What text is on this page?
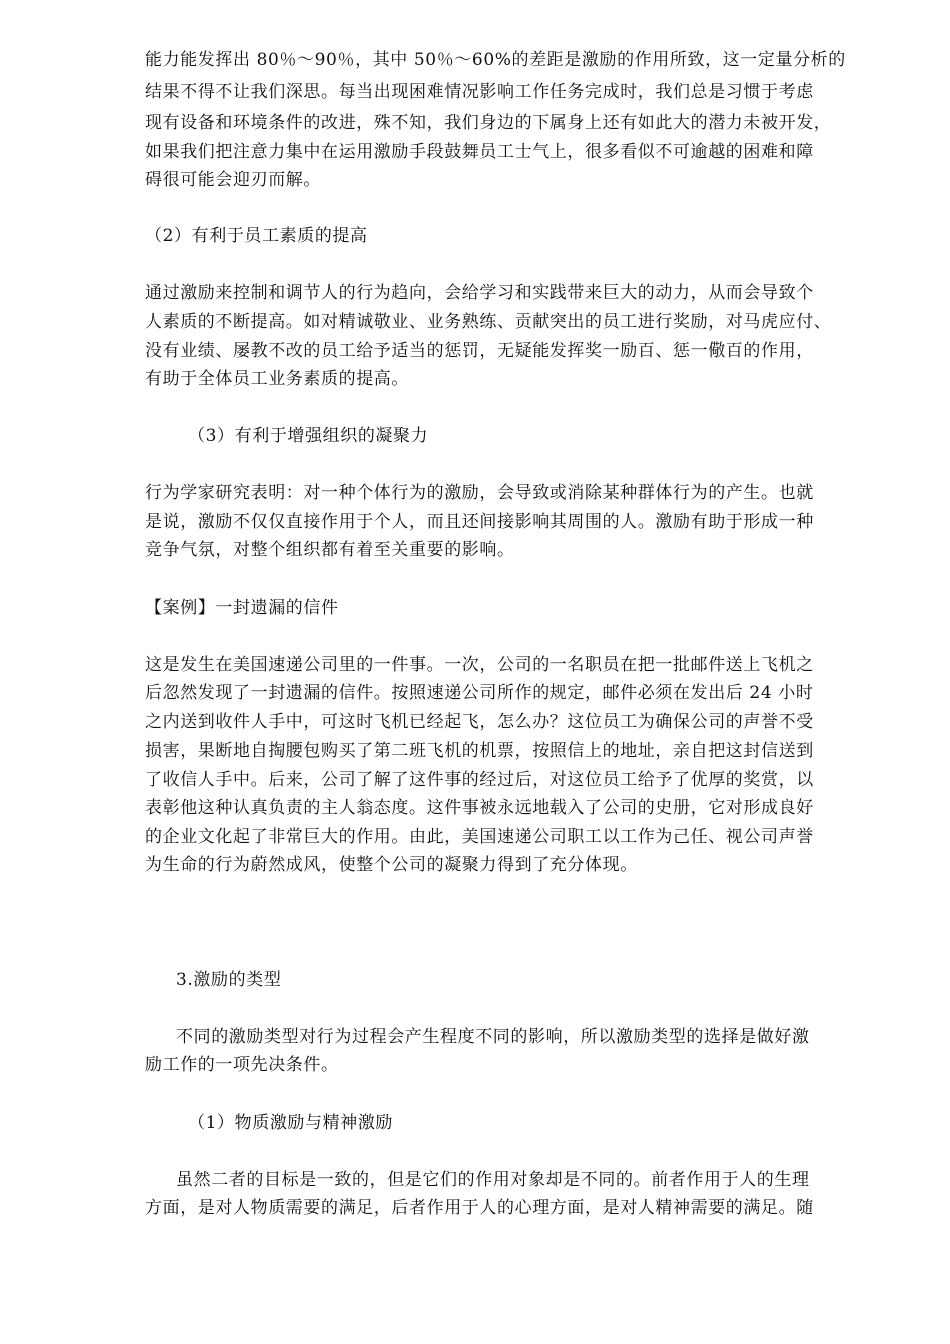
能力能发挥出 80％～90％，其中 50％～60%的差距是激励的作用所致，这一定量分析的

结果不得不让我们深思。每当出现困难情况影响工作任务完成时，我们总是习惯于考虑

现有设备和环境条件的改进，殊不知，我们身边的下属身上还有如此大的潜力未被开发，

如果我们把注意力集中在运用激励手段鼓舞员工士气上，很多看似不可逾越的困难和障

碍很可能会迎刃而解。

（2）有利于员工素质的提高

通过激励来控制和调节人的行为趋向，会给学习和实践带来巨大的动力，从而会导致个

人素质的不断提高。如对精诚敬业、业务熟练、贡献突出的员工进行奖励，对马虎应付、

没有业绩、屡教不改的员工给予适当的惩罚，无疑能发挥奖一励百、惩一儆百的作用，

有助于全体员工业务素质的提高。

（3）有利于增强组织的凝聚力

行为学家研究表明：对一种个体行为的激励，会导致或消除某种群体行为的产生。也就

是说，激励不仅仅直接作用于个人，而且还间接影响其周围的人。激励有助于形成一种

竞争气氛，对整个组织都有着至关重要的影响。

【案例】一封遗漏的信件

这是发生在美国速递公司里的一件事。一次，公司的一名职员在把一批邮件送上飞机之

后忽然发现了一封遗漏的信件。按照速递公司所作的规定，邮件必须在发出后 24 小时

之内送到收件人手中，可这时飞机已经起飞，怎么办？这位员工为确保公司的声誉不受

损害，果断地自掏腰包购买了第二班飞机的机票，按照信上的地址，亲自把这封信送到

了收信人手中。后来，公司了解了这件事的经过后，对这位员工给予了优厚的奖赏，以

表彰他这种认真负责的主人翁态度。这件事被永远地载入了公司的史册，它对形成良好

的企业文化起了非常巨大的作用。由此，美国速递公司职工以工作为己任、视公司声誉

为生命的行为蔚然成风，使整个公司的凝聚力得到了充分体现。

3.激励的类型

不同的激励类型对行为过程会产生程度不同的影响，所以激励类型的选择是做好激

励工作的一项先决条件。

（1）物质激励与精神激励

虽然二者的目标是一致的，但是它们的作用对象却是不同的。前者作用于人的生理

方面，是对人物质需要的满足，后者作用于人的心理方面，是对人精神需要的满足。随
